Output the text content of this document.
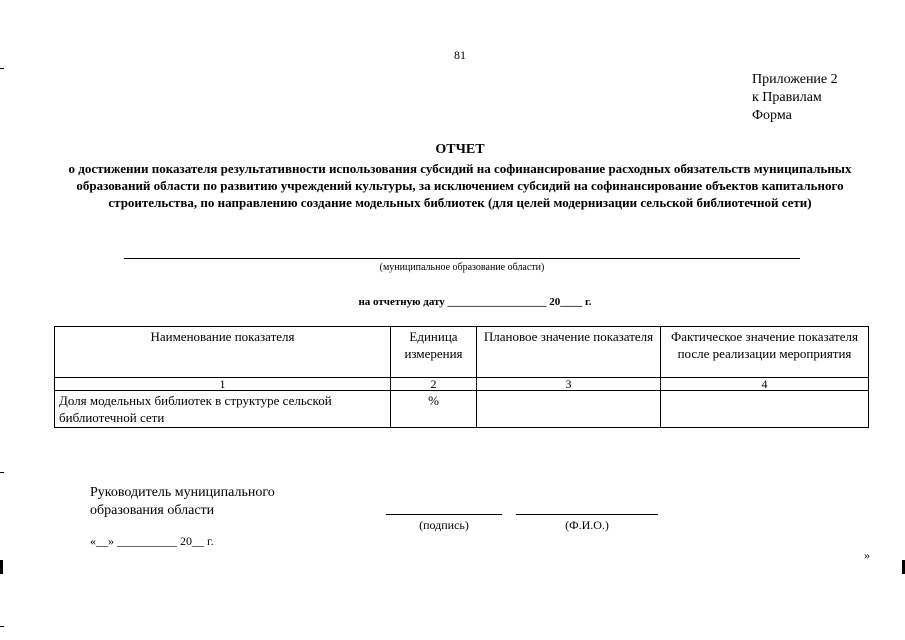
81
Приложение 2
к Правилам
Форма
ОТЧЕТ
о достижении показателя результативности использования субсидий на софинансирование расходных обязательств муниципальных образований области по развитию учреждений культуры, за исключением субсидий на софинансирование объектов капитального строительства, по направлению создание модельных библиотек (для целей модернизации сельской библиотечной сети)
(муниципальное образование области)
на отчетную дату __________________ 20____ г.
Наименование показателя	Единица измерения	Плановое значение показателя	Фактическое значение показателя после реализации мероприятия
1	2	3	4
Доля модельных библиотек в структуре сельской библиотечной сети	%		
Руководитель муниципального
образования области
(подпись)	(Ф.И.О.)
«__» __________ 20__ г.
»
